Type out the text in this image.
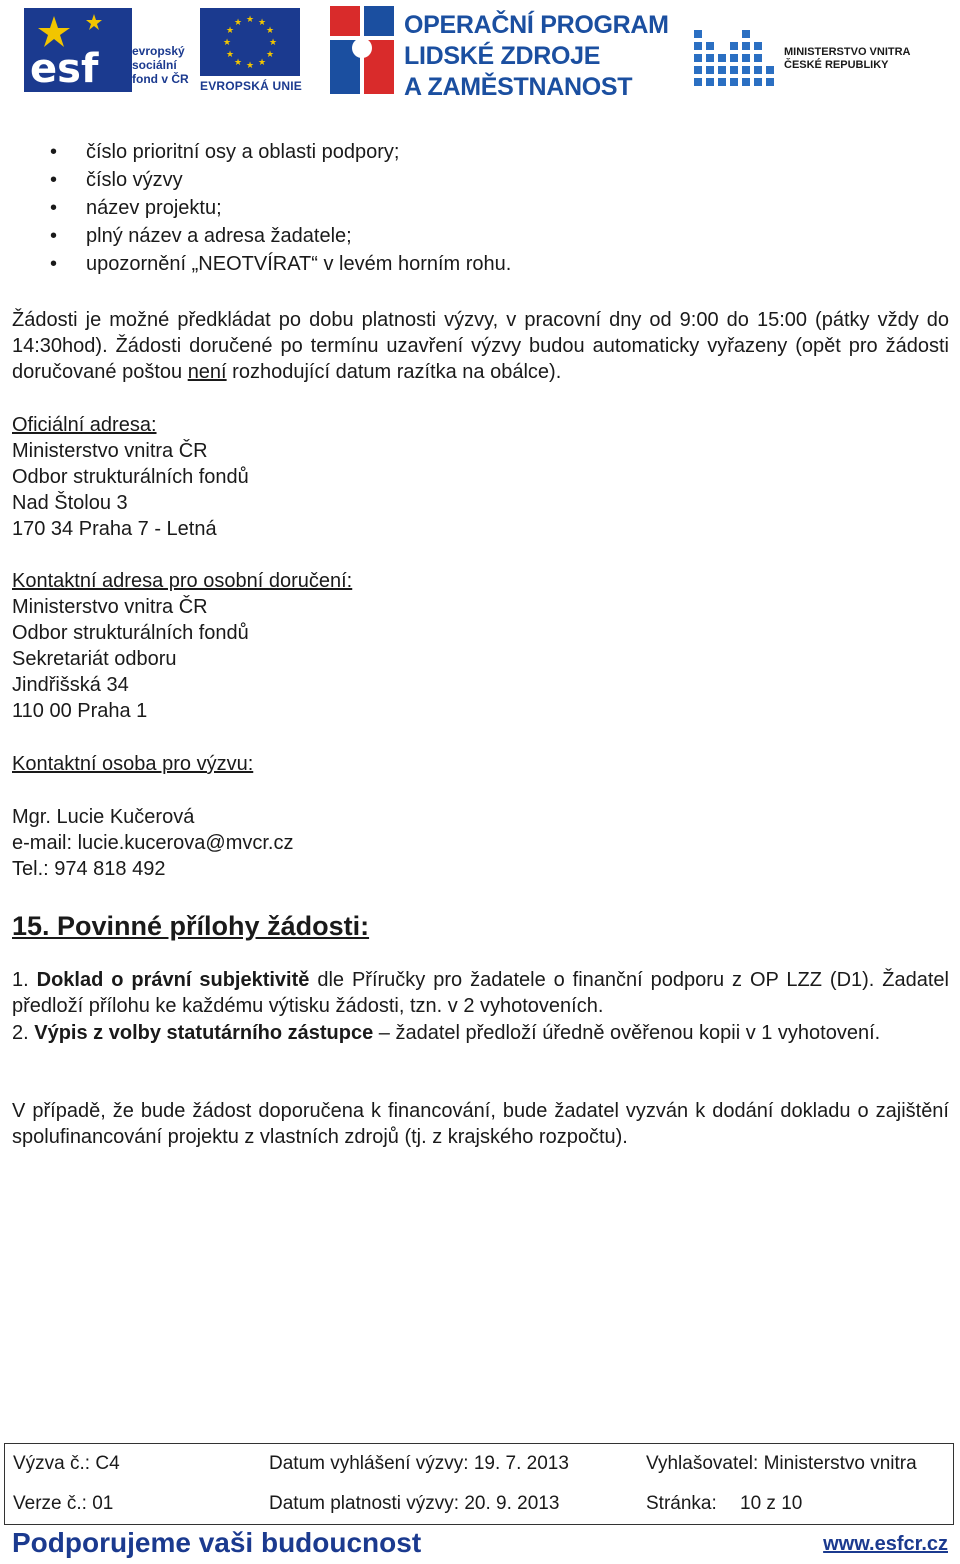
esf	evropský
sociální
fond v ČR
★ ★
★
★
★
★
★
★
★
★
★
★
EVROPSKÁ UNIE
OPERAČNÍ PROGRAM
LIDSKÉ ZDROJE
A ZAMĚSTNANOST
MINISTERSTVO VNITRA
ČESKÉ REPUBLIKY
• číslo prioritní osy a oblasti podpory;
• číslo výzvy
• název projektu;
• plný název a adresa žadatele;
• upozornění „NEOTVÍRAT“ v levém horním rohu.

Žádosti je možné předkládat po dobu platnosti výzvy, v pracovní dny od 9:00 do 15:00 (pátky vždy do 14:30hod). Žádosti doručené po termínu uzavření výzvy budou automaticky vyřazeny (opět pro žádosti doručované poštou není rozhodující datum razítka na obálce).

Oficiální adresa:
Ministerstvo vnitra ČR
Odbor strukturálních fondů
Nad Štolou 3
170 34 Praha 7 - Letná
Kontaktní adresa pro osobní doručení:
Ministerstvo vnitra ČR
Odbor strukturálních fondů
Sekretariát odboru
Jindřišská 34
110 00 Praha 1
Kontaktní osoba pro výzvu:
Mgr. Lucie Kučerová
e-mail: lucie.kucerova@mvcr.cz
Tel.: 974 818 492
15. Povinné přílohy žádosti:

1. Doklad o právní subjektivitě dle Příručky pro žadatele o finanční podporu z OP LZZ (D1). Žadatel předloží přílohu ke každému výtisku žádosti, tzn. v 2 vyhotoveních.

2. Výpis z volby statutárního zástupce – žadatel předloží úředně ověřenou kopii v 1 vyhotovení.

V případě, že bude žádost doporučena k financování, bude žadatel vyzván k dodání dokladu o zajištění spolufinancování projektu z vlastních zdrojů (tj. z krajského rozpočtu).

Výzva č.: C4	Datum vyhlášení výzvy: 19. 7. 2013	Vyhlašovatel: Ministerstvo vnitra
Verze č.: 01	Datum platnosti výzvy: 20. 9. 2013	Stránka: 10 z 10
Podporujeme vaši budoucnost	www.esfcr.cz
